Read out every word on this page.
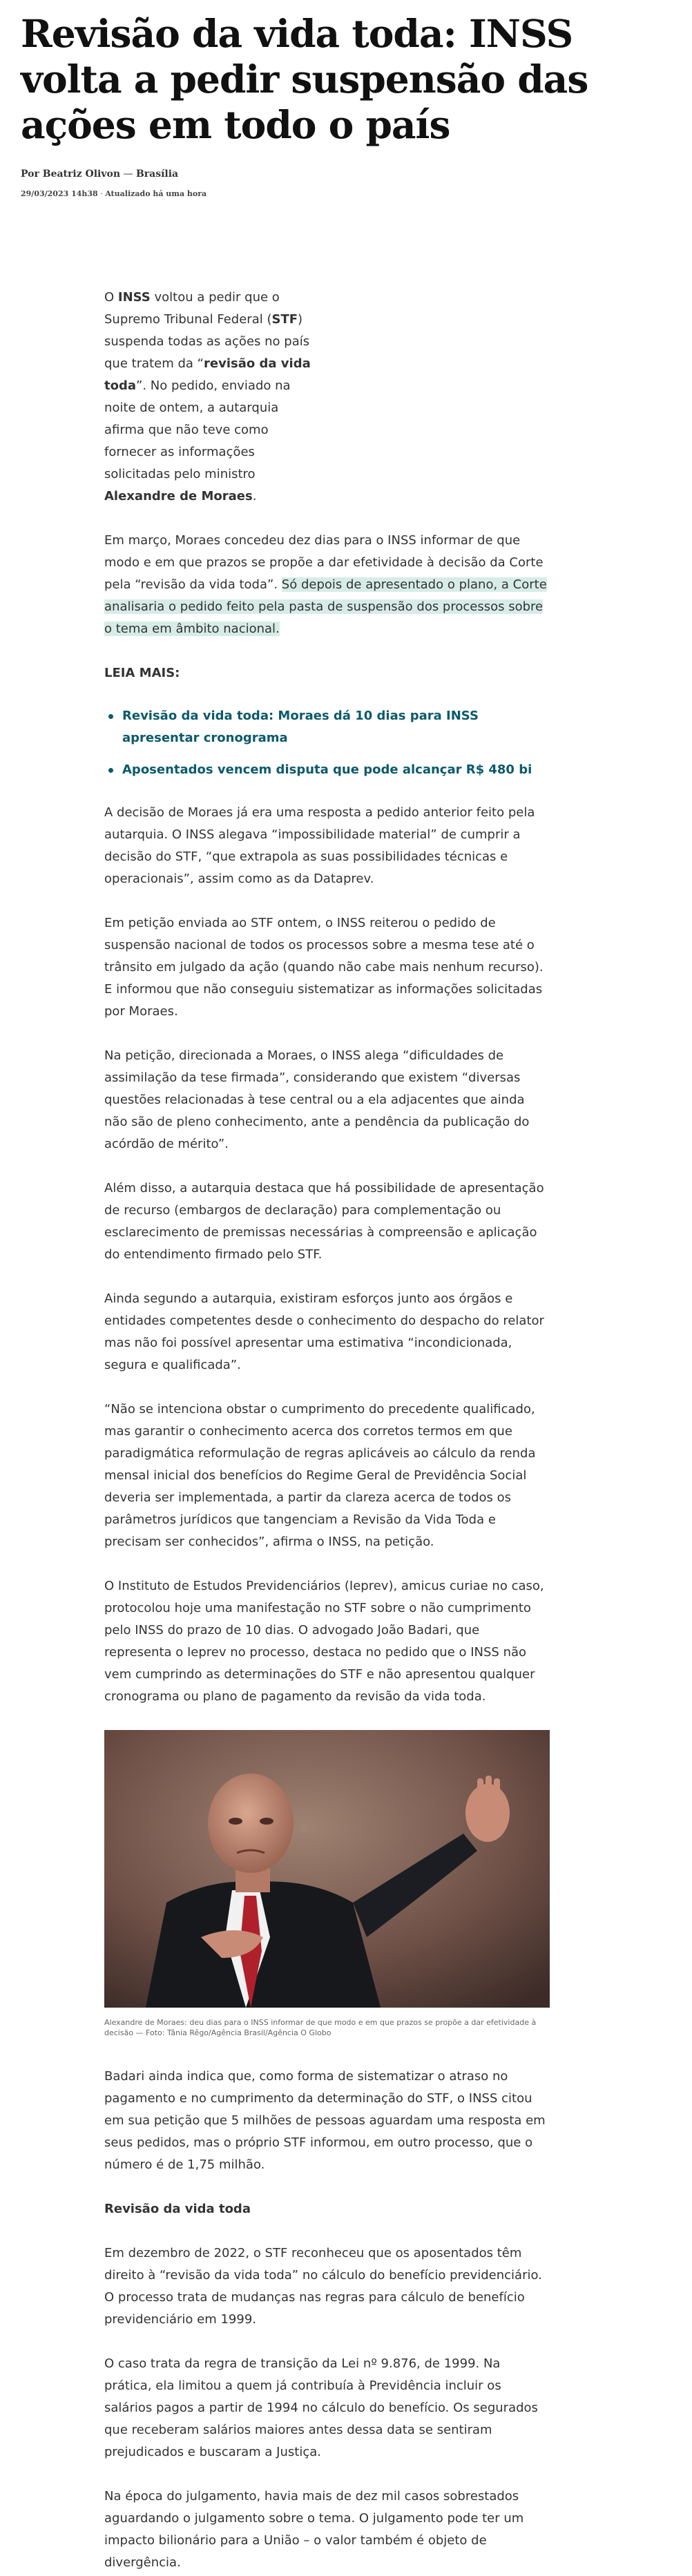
Revisão da vida toda: INSS volta a pedir suspensão das ações em todo o país

Por Beatriz Olivon — Brasília

29/03/2023 14h38 · Atualizado há uma hora

O INSS voltou a pedir que o Supremo Tribunal Federal (STF) suspenda todas as ações no país que tratem da “revisão da vida toda”. No pedido, enviado na noite de ontem, a autarquia afirma que não teve como fornecer as informações solicitadas pelo ministro Alexandre de Moraes.

Em março, Moraes concedeu dez dias para o INSS informar de que modo e em que prazos se propõe a dar efetividade à decisão da Corte pela “revisão da vida toda”. Só depois de apresentado o plano, a Corte analisaria o pedido feito pela pasta de suspensão dos processos sobre o tema em âmbito nacional.

LEIA MAIS:

Revisão da vida toda: Moraes dá 10 dias para INSS apresentar cronograma
Aposentados vencem disputa que pode alcançar R$ 480 bi

A decisão de Moraes já era uma resposta a pedido anterior feito pela autarquia. O INSS alegava “impossibilidade material” de cumprir a decisão do STF, “que extrapola as suas possibilidades técnicas e operacionais”, assim como as da Dataprev.

Em petição enviada ao STF ontem, o INSS reiterou o pedido de suspensão nacional de todos os processos sobre a mesma tese até o trânsito em julgado da ação (quando não cabe mais nenhum recurso). E informou que não conseguiu sistematizar as informações solicitadas por Moraes.

Na petição, direcionada a Moraes, o INSS alega “dificuldades de assimilação da tese firmada”, considerando que existem “diversas questões relacionadas à tese central ou a ela adjacentes que ainda não são de pleno conhecimento, ante a pendência da publicação do acórdão de mérito”.

Além disso, a autarquia destaca que há possibilidade de apresentação de recurso (embargos de declaração) para complementação ou esclarecimento de premissas necessárias à compreensão e aplicação do entendimento firmado pelo STF.

Ainda segundo a autarquia, existiram esforços junto aos órgãos e entidades competentes desde o conhecimento do despacho do relator mas não foi possível apresentar uma estimativa “incondicionada, segura e qualificada”.

“Não se intenciona obstar o cumprimento do precedente qualificado, mas garantir o conhecimento acerca dos corretos termos em que paradigmática reformulação de regras aplicáveis ao cálculo da renda mensal inicial dos benefícios do Regime Geral de Previdência Social deveria ser implementada, a partir da clareza acerca de todos os parâmetros jurídicos que tangenciam a Revisão da Vida Toda e precisam ser conhecidos”, afirma o INSS, na petição.

O Instituto de Estudos Previdenciários (Ieprev), amicus curiae no caso, protocolou hoje uma manifestação no STF sobre o não cumprimento pelo INSS do prazo de 10 dias. O advogado João Badari, que representa o Ieprev no processo, destaca no pedido que o INSS não vem cumprindo as determinações do STF e não apresentou qualquer cronograma ou plano de pagamento da revisão da vida toda.

Alexandre de Moraes: deu dias para o INSS informar de que modo e em que prazos se propõe a dar efetividade à decisão — Foto: Tânia Rêgo/Agência Brasil/Agência O Globo

Badari ainda indica que, como forma de sistematizar o atraso no pagamento e no cumprimento da determinação do STF, o INSS citou em sua petição que 5 milhões de pessoas aguardam uma resposta em seus pedidos, mas o próprio STF informou, em outro processo, que o número é de 1,75 milhão.

Revisão da vida toda

Em dezembro de 2022, o STF reconheceu que os aposentados têm direito à “revisão da vida toda” no cálculo do benefício previdenciário. O processo trata de mudanças nas regras para cálculo de benefício previdenciário em 1999.

O caso trata da regra de transição da Lei nº 9.876, de 1999. Na prática, ela limitou a quem já contribuía à Previdência incluir os salários pagos a partir de 1994 no cálculo do benefício. Os segurados que receberam salários maiores antes dessa data se sentiram prejudicados e buscaram a Justiça.

Na época do julgamento, havia mais de dez mil casos sobrestados aguardando o julgamento sobre o tema. O julgamento pode ter um impacto bilionário para a União – o valor também é objeto de divergência.
